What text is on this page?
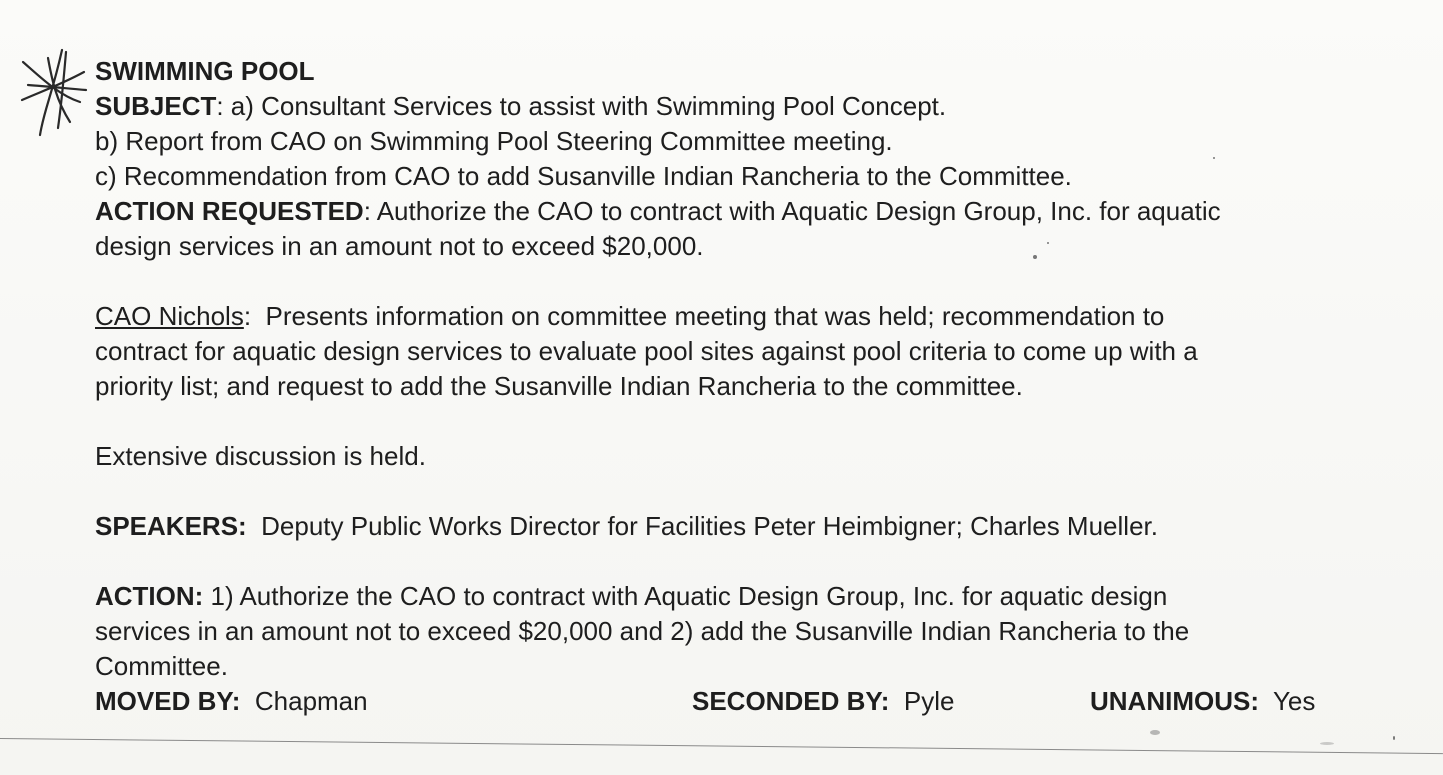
SWIMMING POOL
SUBJECT: a) Consultant Services to assist with Swimming Pool Concept.
b) Report from CAO on Swimming Pool Steering Committee meeting.
c) Recommendation from CAO to add Susanville Indian Rancheria to the Committee.
ACTION REQUESTED: Authorize the CAO to contract with Aquatic Design Group, Inc. for aquatic
design services in an amount not to exceed $20,000.
CAO Nichols:  Presents information on committee meeting that was held; recommendation to
contract for aquatic design services to evaluate pool sites against pool criteria to come up with a
priority list; and request to add the Susanville Indian Rancheria to the committee.
Extensive discussion is held.
SPEAKERS:  Deputy Public Works Director for Facilities Peter Heimbigner; Charles Mueller.
ACTION: 1) Authorize the CAO to contract with Aquatic Design Group, Inc. for aquatic design
services in an amount not to exceed $20,000 and 2) add the Susanville Indian Rancheria to the
Committee.
MOVED BY:  Chapman	SECONDED BY:  Pyle	UNANIMOUS:  Yes
